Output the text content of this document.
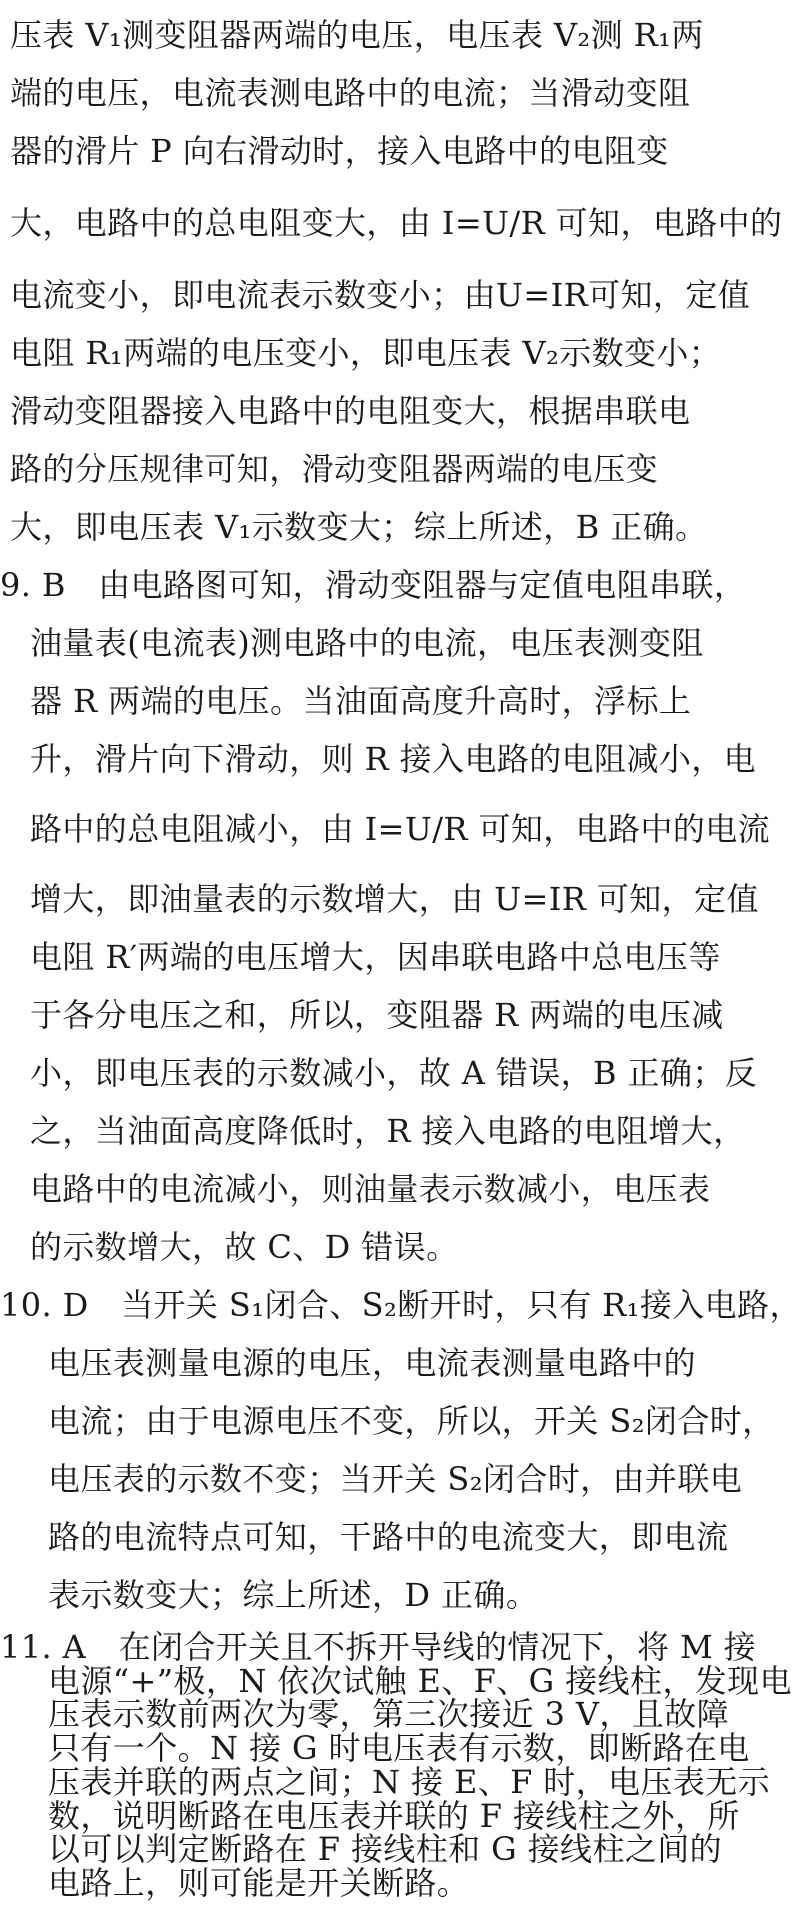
压表 V₁测变阻器两端的电压，电压表 V₂测 R₁两
端的电压，电流表测电路中的电流；当滑动变阻
器的滑片 P 向右滑动时，接入电路中的电阻变
大，电路中的总电阻变大，由 I=U/R 可知，电路中的
电流变小，即电流表示数变小；由U=IR可知，定值
电阻 R₁两端的电压变小，即电压表 V₂示数变小；
滑动变阻器接入电路中的电阻变大，根据串联电
路的分压规律可知，滑动变阻器两端的电压变
大，即电压表 V₁示数变大；综上所述，B 正确。
9. B　由电路图可知，滑动变阻器与定值电阻串联，
油量表(电流表)测电路中的电流，电压表测变阻
器 R 两端的电压。当油面高度升高时，浮标上
升，滑片向下滑动，则 R 接入电路的电阻减小，电
路中的总电阻减小，由 I=U/R 可知，电路中的电流
增大，即油量表的示数增大，由 U=IR 可知，定值
电阻 R′两端的电压增大，因串联电路中总电压等
于各分电压之和，所以，变阻器 R 两端的电压减
小，即电压表的示数减小，故 A 错误，B 正确；反
之，当油面高度降低时，R 接入电路的电阻增大，
电路中的电流减小，则油量表示数减小，电压表
的示数增大，故 C、D 错误。
10. D　当开关 S₁闭合、S₂断开时，只有 R₁接入电路，
电压表测量电源的电压，电流表测量电路中的
电流；由于电源电压不变，所以，开关 S₂闭合时，
电压表的示数不变；当开关 S₂闭合时，由并联电
路的电流特点可知，干路中的电流变大，即电流
表示数变大；综上所述，D 正确。
11. A　在闭合开关且不拆开导线的情况下，将 M 接
电源“+”极，N 依次试触 E、F、G 接线柱，发现电
压表示数前两次为零，第三次接近 3 V，且故障
只有一个。N 接 G 时电压表有示数，即断路在电
压表并联的两点之间；N 接 E、F 时，电压表无示
数，说明断路在电压表并联的 F 接线柱之外，所
以可以判定断路在 F 接线柱和 G 接线柱之间的
电路上，则可能是开关断路。
